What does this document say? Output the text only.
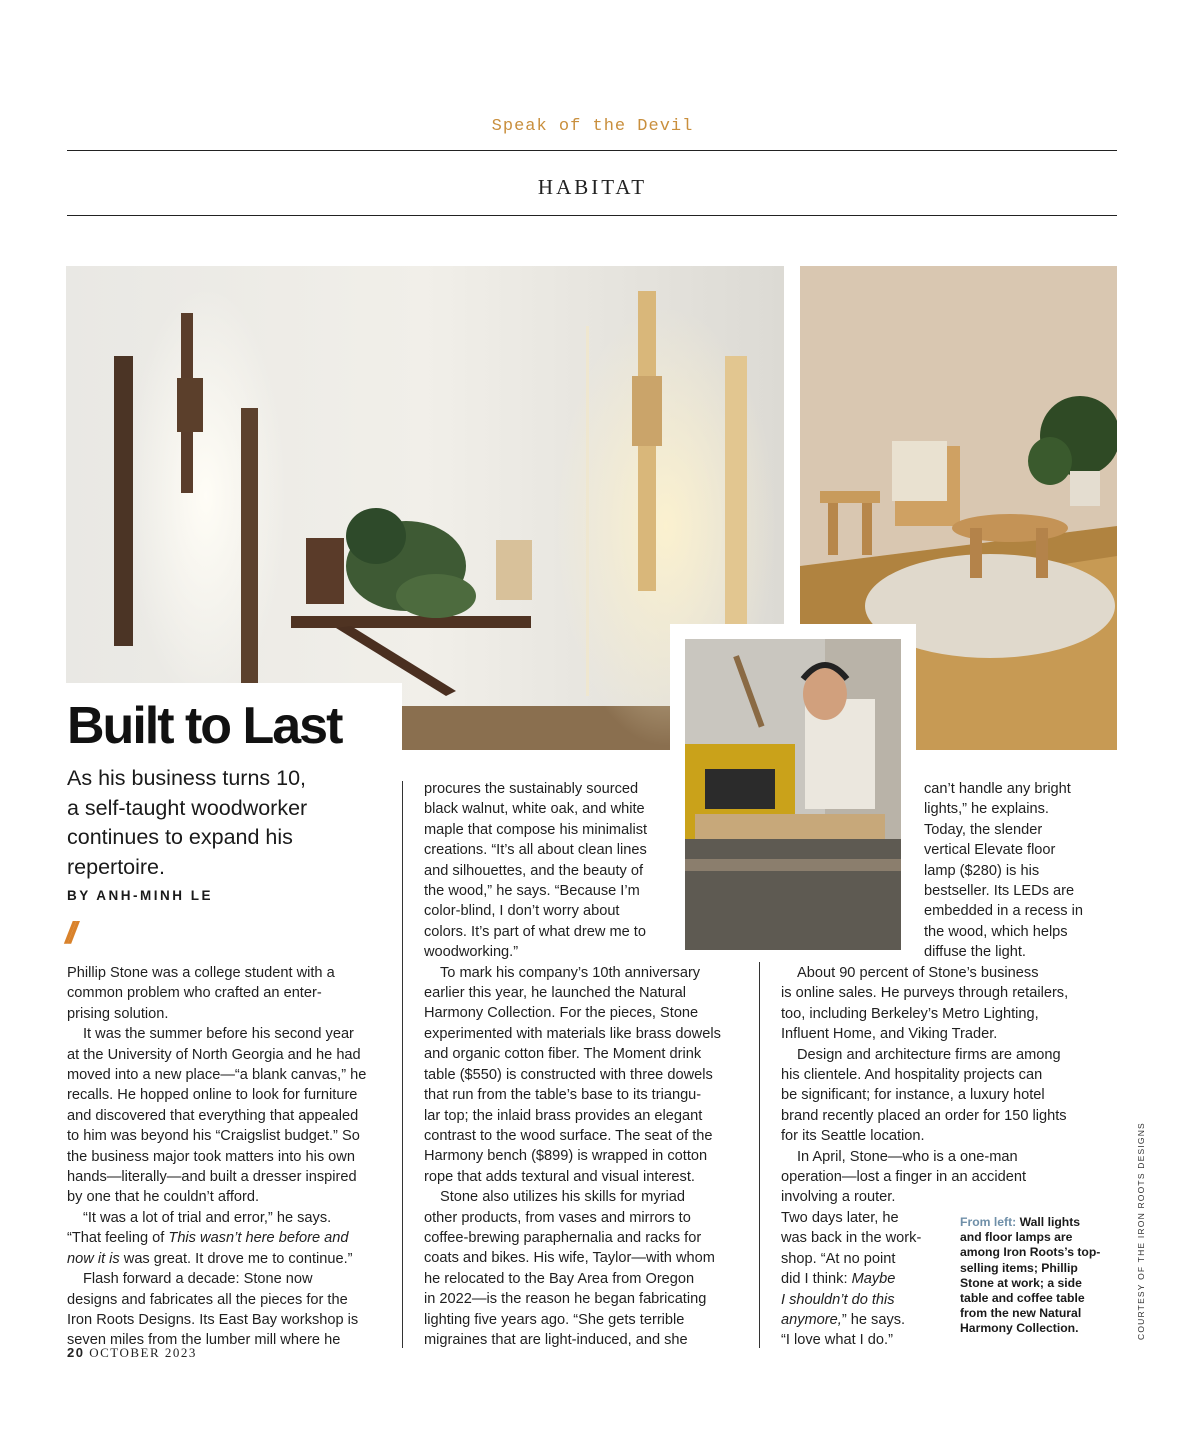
Speak of the Devil
HABITAT
Built to Last
As his business turns 10,
a self-taught woodworker
continues to expand his
repertoire.
BY ANH-MINH LE
//
Phillip Stone was a college student with a
common problem who crafted an enter-
prising solution.
It was the summer before his second year
at the University of North Georgia and he had
moved into a new place—“a blank canvas,” he
recalls. He hopped online to look for furniture
and discovered that everything that appealed
to him was beyond his “Craigslist budget.” So
the business major took matters into his own
hands—literally—and built a dresser inspired
by one that he couldn’t afford.
“It was a lot of trial and error,” he says.
“That feeling of This wasn’t here before and
now it is was great. It drove me to continue.”
Flash forward a decade: Stone now
designs and fabricates all the pieces for the
Iron Roots Designs. Its East Bay workshop is
seven miles from the lumber mill where he
procures the sustainably sourced
black walnut, white oak, and white
maple that compose his minimalist
creations. “It’s all about clean lines
and silhouettes, and the beauty of
the wood,” he says. “Because I’m
color-blind, I don’t worry about
colors. It’s part of what drew me to
woodworking.”
To mark his company’s 10th anniversary
earlier this year, he launched the Natural
Harmony Collection. For the pieces, Stone
experimented with materials like brass dowels
and organic cotton fiber. The Moment drink
table ($550) is constructed with three dowels
that run from the table’s base to its triangu-
lar top; the inlaid brass provides an elegant
contrast to the wood surface. The seat of the
Harmony bench ($899) is wrapped in cotton
rope that adds textural and visual interest.
Stone also utilizes his skills for myriad
other products, from vases and mirrors to
coffee-brewing paraphernalia and racks for
coats and bikes. His wife, Taylor—with whom
he relocated to the Bay Area from Oregon
in 2022—is the reason he began fabricating
lighting five years ago. “She gets terrible
migraines that are light-induced, and she
can’t handle any bright
lights,” he explains.
Today, the slender
vertical Elevate floor
lamp ($280) is his
bestseller. Its LEDs are
embedded in a recess in
the wood, which helps
diffuse the light.
About 90 percent of Stone’s business
is online sales. He purveys through retailers,
too, including Berkeley’s Metro Lighting,
Influent Home, and Viking Trader.
Design and architecture firms are among
his clientele. And hospitality projects can
be significant; for instance, a luxury hotel
brand recently placed an order for 150 lights
for its Seattle location.
In April, Stone—who is a one-man
operation—lost a finger in an accident
involving a router.
Two days later, he
was back in the work-
shop. “At no point
did I think: Maybe
I shouldn’t do this
anymore,” he says.
“I love what I do.”
From left: Wall lights and floor lamps are among Iron Roots’s top-selling items; Phillip Stone at work; a side table and coffee table from the new Natural Harmony Collection.	COURTESY OF THE IRON ROOTS DESIGNS
20 OCTOBER 2023
